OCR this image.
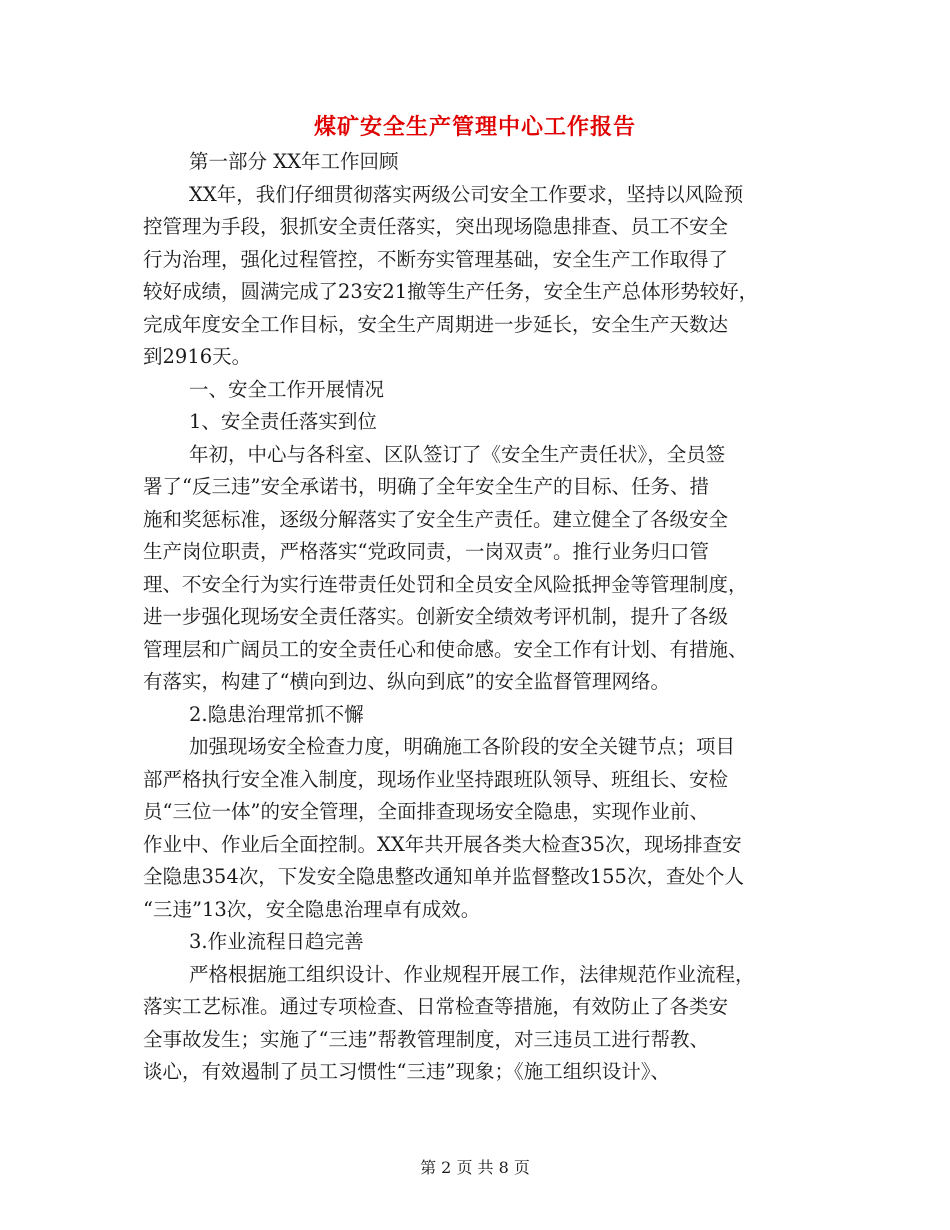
煤矿安全生产管理中心工作报告
第一部分 XX年工作回顾
XX年，我们仔细贯彻落实两级公司安全工作要求，坚持以风险预
控管理为手段，狠抓安全责任落实，突出现场隐患排查、员工不安全
行为治理，强化过程管控，不断夯实管理基础，安全生产工作取得了
较好成绩，圆满完成了23安21撤等生产任务，安全生产总体形势较好，
完成年度安全工作目标，安全生产周期进一步延长，安全生产天数达
到2916天。
一、安全工作开展情况
1、安全责任落实到位
年初，中心与各科室、区队签订了《安全生产责任状》，全员签
署了“反三违”安全承诺书，明确了全年安全生产的目标、任务、措
施和奖惩标准，逐级分解落实了安全生产责任。建立健全了各级安全
生产岗位职责，严格落实“党政同责，一岗双责”。推行业务归口管
理、不安全行为实行连带责任处罚和全员安全风险抵押金等管理制度，
进一步强化现场安全责任落实。创新安全绩效考评机制，提升了各级
管理层和广阔员工的安全责任心和使命感。安全工作有计划、有措施、
有落实，构建了“横向到边、纵向到底”的安全监督管理网络。
2.隐患治理常抓不懈
加强现场安全检查力度，明确施工各阶段的安全关键节点；项目
部严格执行安全准入制度，现场作业坚持跟班队领导、班组长、安检
员“三位一体”的安全管理，全面排查现场安全隐患，实现作业前、
作业中、作业后全面控制。XX年共开展各类大检查35次，现场排查安
全隐患354次，下发安全隐患整改通知单并监督整改155次，查处个人
“三违”13次，安全隐患治理卓有成效。
3.作业流程日趋完善
严格根据施工组织设计、作业规程开展工作，法律规范作业流程，
落实工艺标准。通过专项检查、日常检查等措施，有效防止了各类安
全事故发生；实施了“三违”帮教管理制度，对三违员工进行帮教、
谈心，有效遏制了员工习惯性“三违”现象；《施工组织设计》、
第 2 页 共 8 页
